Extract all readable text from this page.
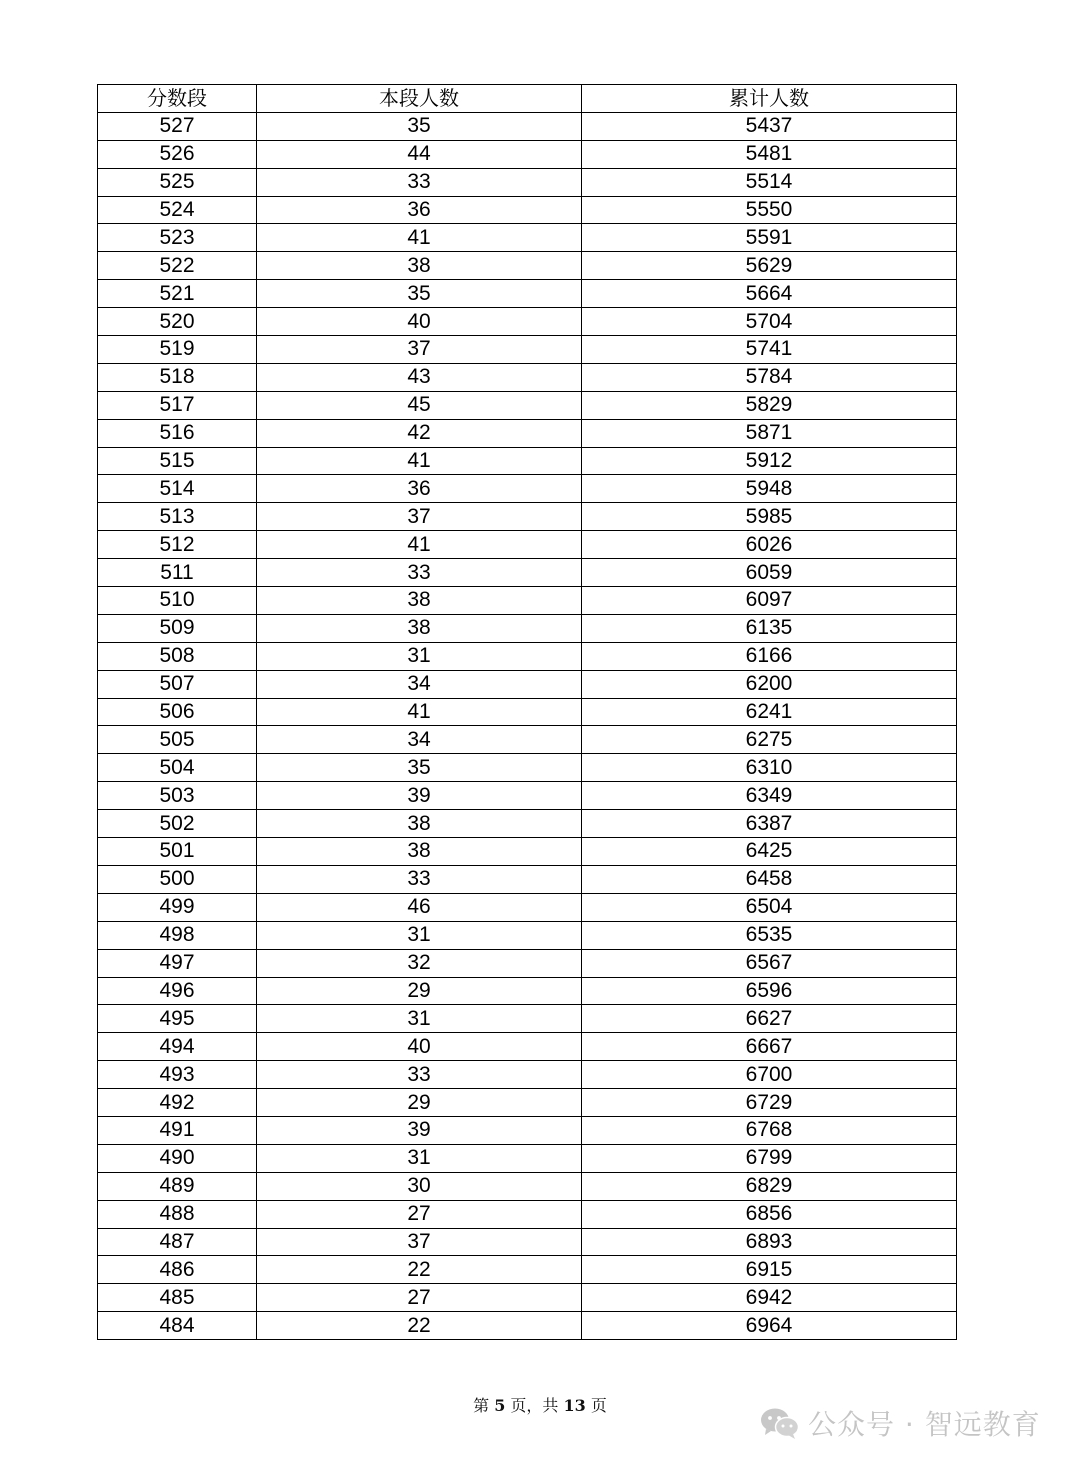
分数段	本段人数	累计人数
527	35	5437
526	44	5481
525	33	5514
524	36	5550
523	41	5591
522	38	5629
521	35	5664
520	40	5704
519	37	5741
518	43	5784
517	45	5829
516	42	5871
515	41	5912
514	36	5948
513	37	5985
512	41	6026
511	33	6059
510	38	6097
509	38	6135
508	31	6166
507	34	6200
506	41	6241
505	34	6275
504	35	6310
503	39	6349
502	38	6387
501	38	6425
500	33	6458
499	46	6504
498	31	6535
497	32	6567
496	29	6596
495	31	6627
494	40	6667
493	33	6700
492	29	6729
491	39	6768
490	31	6799
489	30	6829
488	27	6856
487	37	6893
486	22	6915
485	27	6942
484	22	6964
第 5 页，共 13 页
公众号 · 智远教育
